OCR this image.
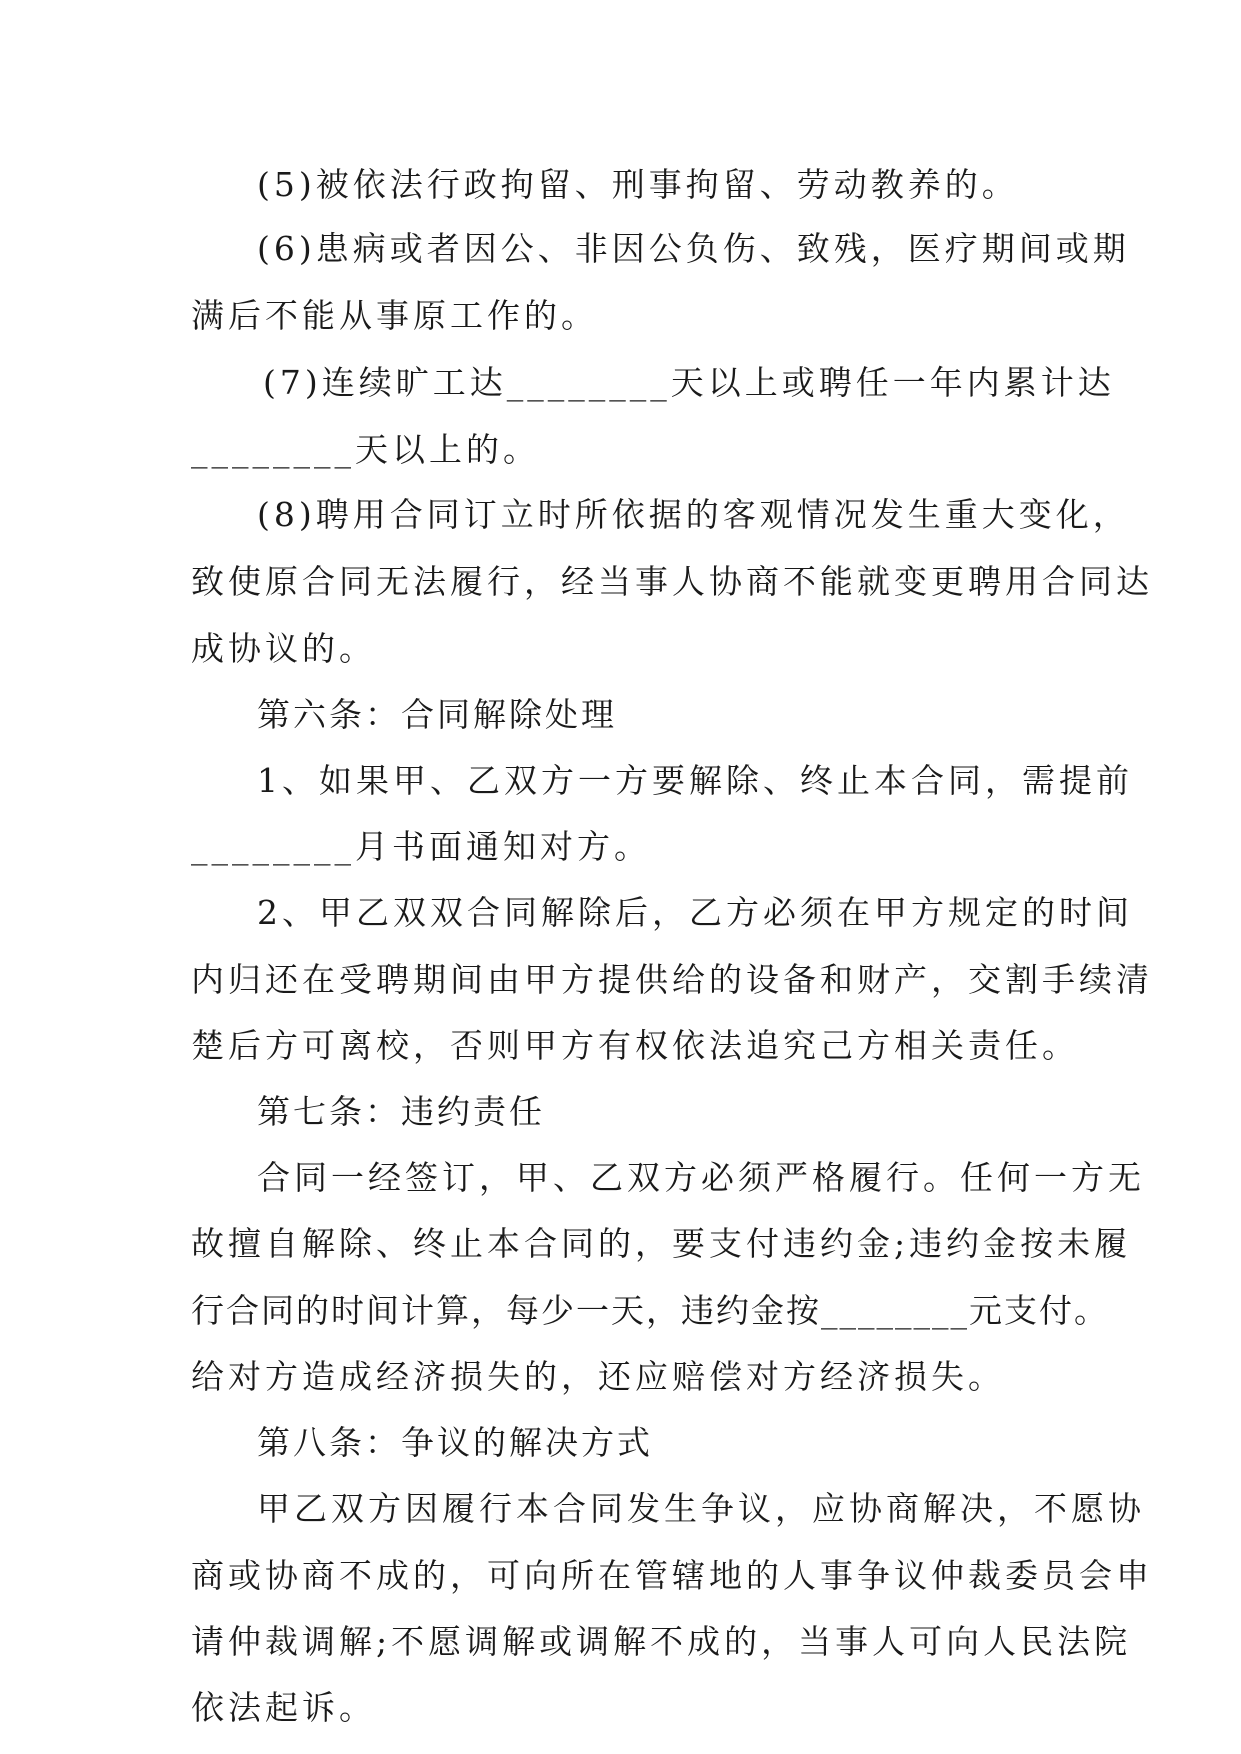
(5)被依法行政拘留、刑事拘留、劳动教养的。

(6)患病或者因公、非因公负伤、致残，医疗期间或期

满后不能从事原工作的。

(7)连续旷工达________天以上或聘任一年内累计达

________天以上的。

(8)聘用合同订立时所依据的客观情况发生重大变化，

致使原合同无法履行，经当事人协商不能就变更聘用合同达

成协议的。

第六条：合同解除处理

1、如果甲、乙双方一方要解除、终止本合同，需提前

________月书面通知对方。

2、甲乙双双合同解除后，乙方必须在甲方规定的时间

内归还在受聘期间由甲方提供给的设备和财产，交割手续清

楚后方可离校，否则甲方有权依法追究己方相关责任。

第七条：违约责任

合同一经签订，甲、乙双方必须严格履行。任何一方无

故擅自解除、终止本合同的，要支付违约金;违约金按未履

行合同的时间计算，每少一天，违约金按________元支付。

给对方造成经济损失的，还应赔偿对方经济损失。

第八条：争议的解决方式

甲乙双方因履行本合同发生争议，应协商解决，不愿协

商或协商不成的，可向所在管辖地的人事争议仲裁委员会申

请仲裁调解;不愿调解或调解不成的，当事人可向人民法院

依法起诉。
